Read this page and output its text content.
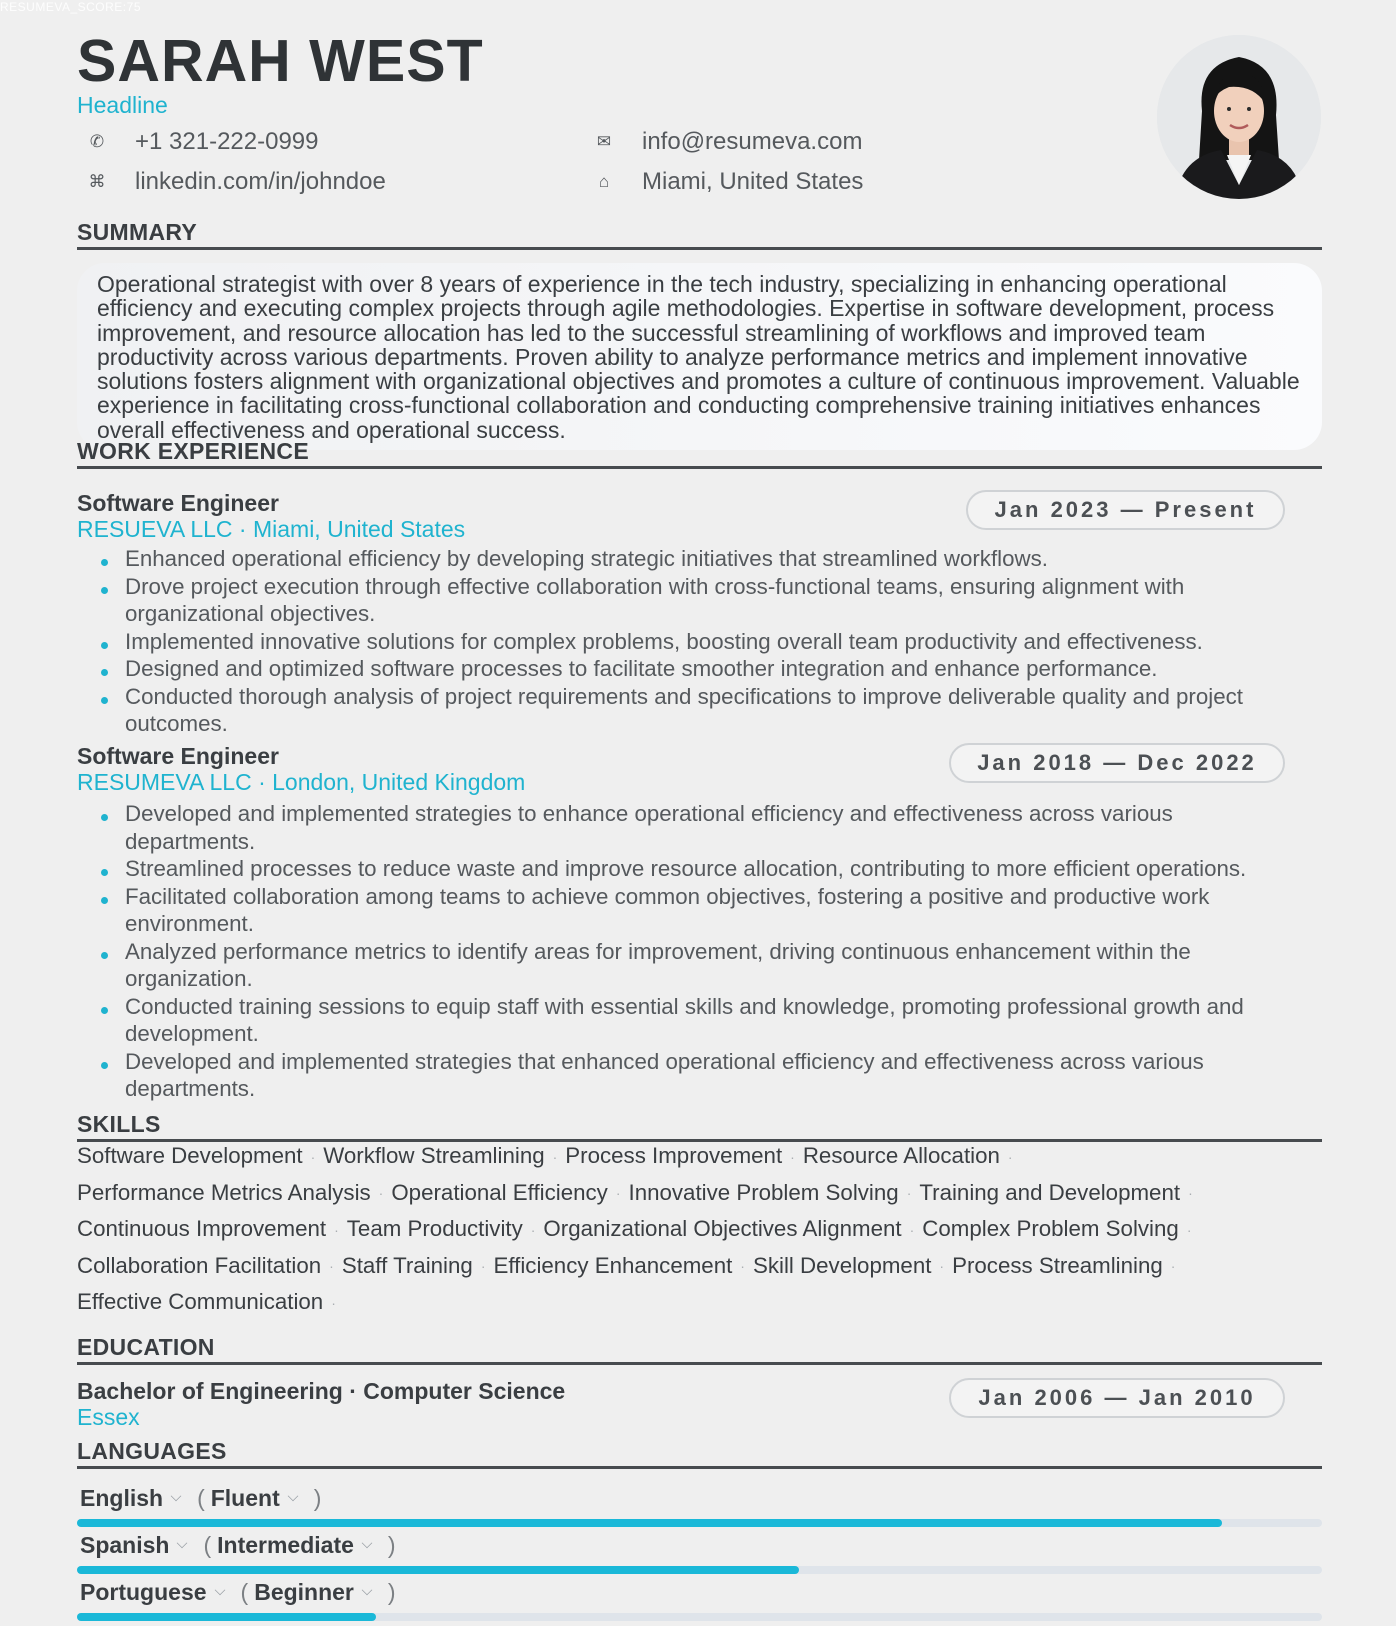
RESUMEVA_SCORE:75
SARAH WEST
Headline
✆ +1 321-222-0999	✉ info@resumeva.com
⌘ linkedin.com/in/johndoe	⌂	Miami, United States
SUMMARY
Operational strategist with over 8 years of experience in the tech industry, specializing in enhancing operational efficiency and executing complex projects through agile methodologies. Expertise in software development, process improvement, and resource allocation has led to the successful streamlining of workflows and improved team productivity across various departments. Proven ability to analyze performance metrics and implement innovative solutions fosters alignment with organizational objectives and promotes a culture of continuous improvement. Valuable experience in facilitating cross-functional collaboration and conducting comprehensive training initiatives enhances overall effectiveness and operational success.
WORK EXPERIENCE
Software Engineer
RESUEVA LLC · Miami, United States
Jan 2023 — Present
Enhanced operational efficiency by developing strategic initiatives that streamlined workflows.
Drove project execution through effective collaboration with cross-functional teams, ensuring alignment with organizational objectives.
Implemented innovative solutions for complex problems, boosting overall team productivity and effectiveness.
Designed and optimized software processes to facilitate smoother integration and enhance performance.
Conducted thorough analysis of project requirements and specifications to improve deliverable quality and project outcomes.
Software Engineer
RESUMEVA LLC · London, United Kingdom
Jan 2018 — Dec 2022
Developed and implemented strategies to enhance operational efficiency and effectiveness across various departments.
Streamlined processes to reduce waste and improve resource allocation, contributing to more efficient operations.
Facilitated collaboration among teams to achieve common objectives, fostering a positive and productive work environment.
Analyzed performance metrics to identify areas for improvement, driving continuous enhancement within the organization.
Conducted training sessions to equip staff with essential skills and knowledge, promoting professional growth and development.
Developed and implemented strategies that enhanced operational efficiency and effectiveness across various departments.
SKILLS
Software Development · Workflow Streamlining · Process Improvement · Resource Allocation ·Performance Metrics Analysis · Operational Efficiency · Innovative Problem Solving · Training and Development ·Continuous Improvement · Team Productivity · Organizational Objectives Alignment · Complex Problem Solving ·Collaboration Facilitation · Staff Training · Efficiency Enhancement · Skill Development · Process Streamlining ·Effective Communication ·
EDUCATION
Bachelor of Engineering · Computer Science
Essex
Jan 2006 — Jan 2010
LANGUAGES
English ( Fluent )
Spanish ( Intermediate )
Portuguese ( Beginner )
